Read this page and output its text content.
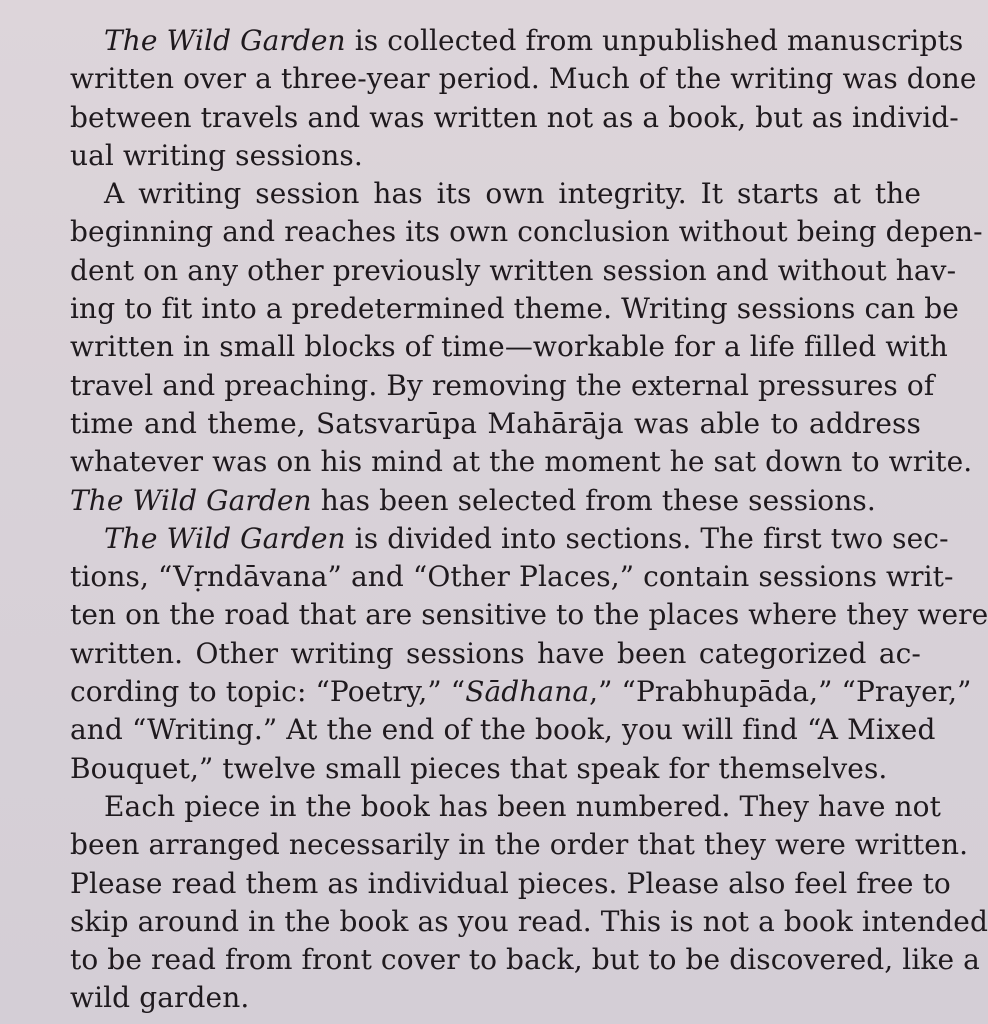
The Wild Garden is collected from unpublished manuscripts
written over a three-year period. Much of the writing was done
between travels and was written not as a book, but as individ-
ual writing sessions.
A writing session has its own integrity. It starts at the
beginning and reaches its own conclusion without being depen-
dent on any other previously written session and without hav-
ing to fit into a predetermined theme. Writing sessions can be
written in small blocks of time—workable for a life filled with
travel and preaching. By removing the external pressures of
time and theme, Satsvarūpa Mahārāja was able to address
whatever was on his mind at the moment he sat down to write.
The Wild Garden has been selected from these sessions.
The Wild Garden is divided into sections. The first two sec-
tions, “Vṛndāvana” and “Other Places,” contain sessions writ-
ten on the road that are sensitive to the places where they were
written. Other writing sessions have been categorized ac-
cording to topic: “Poetry,” “Sādhana,” “Prabhupāda,” “Prayer,”
and “Writing.” At the end of the book, you will find “A Mixed
Bouquet,” twelve small pieces that speak for themselves.
Each piece in the book has been numbered. They have not
been arranged necessarily in the order that they were written.
Please read them as individual pieces. Please also feel free to
skip around in the book as you read. This is not a book intended
to be read from front cover to back, but to be discovered, like a
wild garden.
